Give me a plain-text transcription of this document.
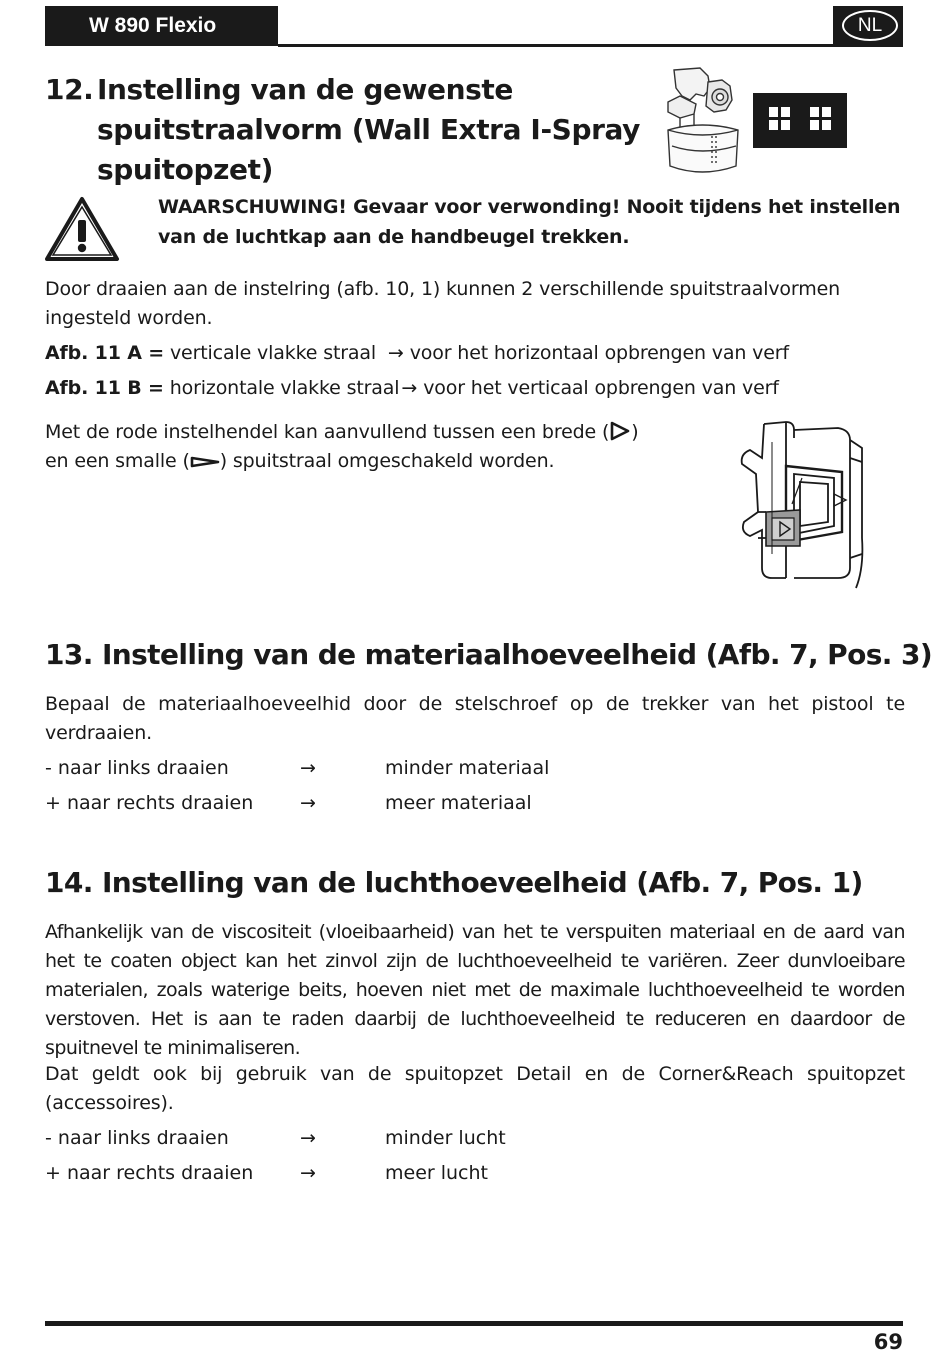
W 890 Flexio	NL
12. Instelling van de gewenste
spuitstraalvorm (Wall Extra I-Spray
spuitopzet)
WAARSCHUWING! Gevaar voor verwonding! Nooit tijdens het instellen
van de luchtkap aan de handbeugel trekken.
Door draaien aan de instelring (afb. 10, 1) kunnen 2 verschillende spuitstraalvormen ingesteld worden.
Afb. 11 A = verticale vlakke straal → voor het horizontaal opbrengen van verf
Afb. 11 B = horizontale vlakke straal → voor het verticaal opbrengen van verf
Met de rode instelhendel kan aanvullend tussen een brede ( )
en een smalle ( ) spuitstraal omgeschakeld worden.
13. Instelling van de materiaalhoeveelheid (Afb. 7, Pos. 3)
Bepaal de materiaalhoeveelhid door de stelschroef op de trekker van het pistool te verdraaien.
- naar links draaien	→	minder materiaal
+ naar rechts draaien →	meer materiaal
14. Instelling van de luchthoeveelheid (Afb. 7, Pos. 1)
Afhankelijk van de viscositeit (vloeibaarheid) van het te verspuiten materiaal en de aard van het te coaten object kan het zinvol zijn de luchthoeveelheid te variëren. Zeer dunvloeibare materialen, zoals waterige beits, hoeven niet met de maximale luchthoeveelheid te worden verstoven. Het is aan te raden daarbij de luchthoeveelheid te reduceren en daardoor de spuitnevel te minimaliseren.
Dat geldt ook bij gebruik van de spuitopzet Detail en de Corner&Reach spuitopzet (accessoires).
- naar links draaien	→	minder lucht
+ naar rechts draaien →	meer lucht
69
